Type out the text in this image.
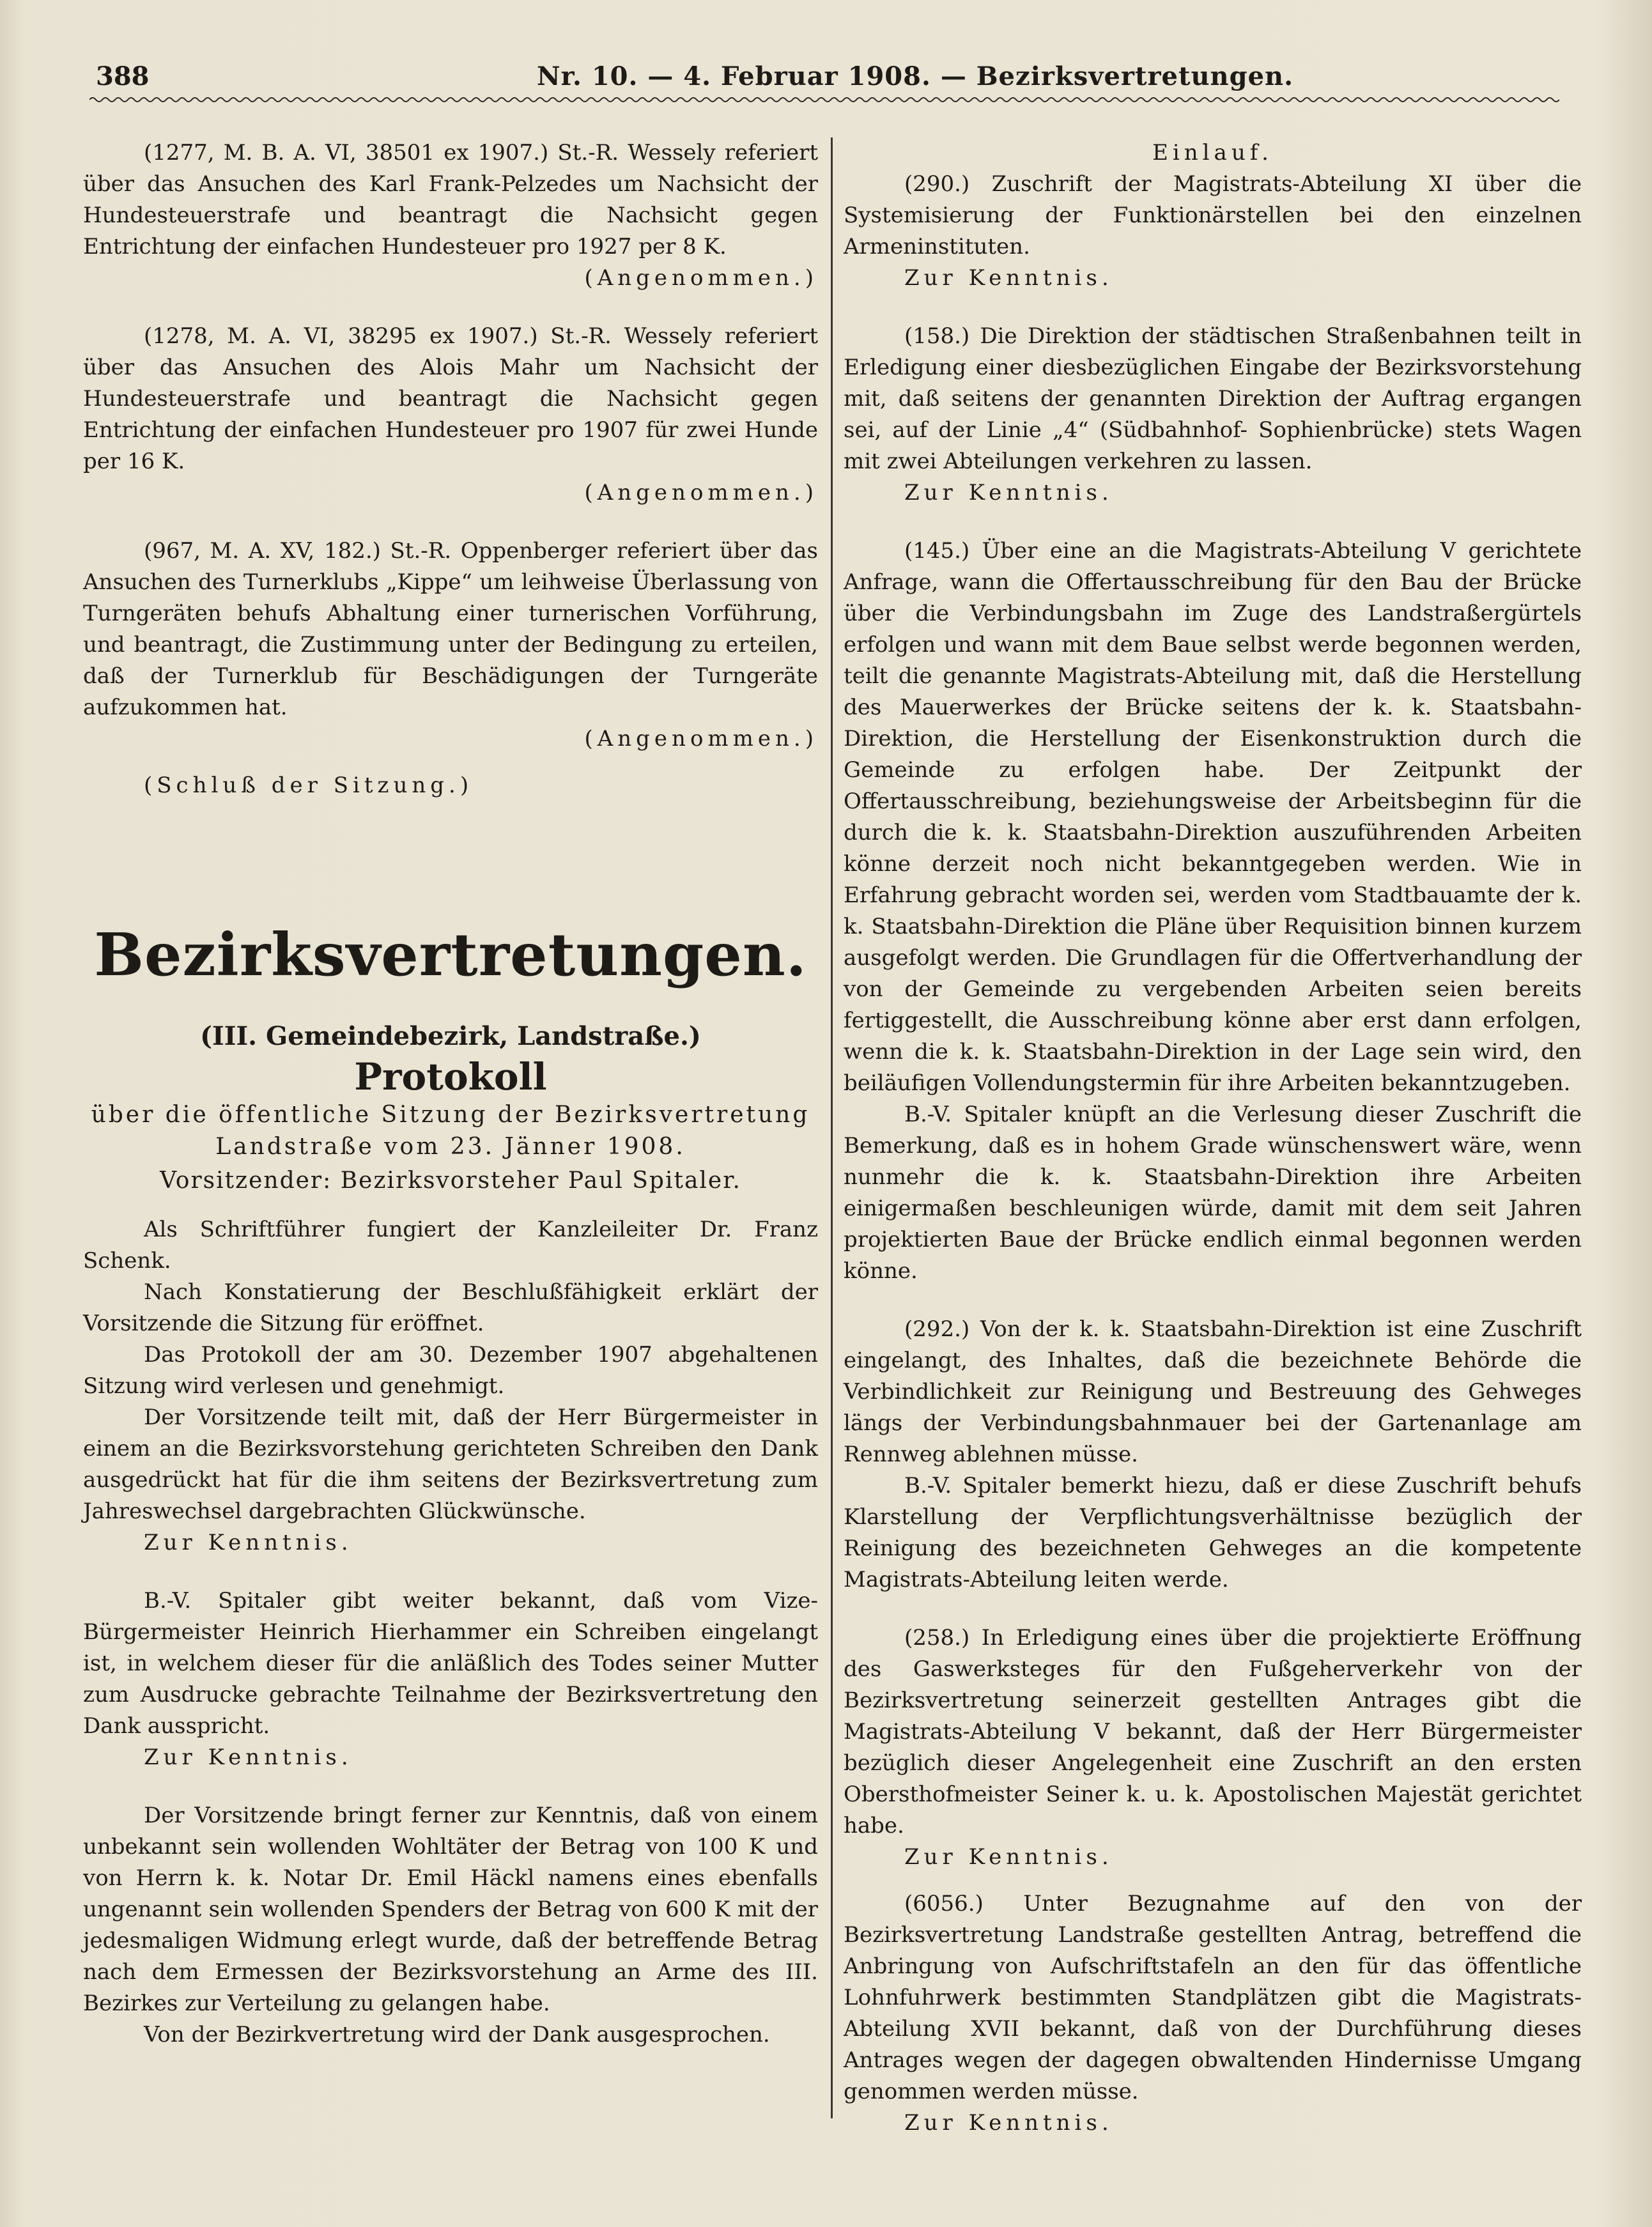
388	Nr. 10. — 4. Februar 1908. — Bezirksvertretungen.

(1277, M. B. A. VI, 38501 ex 1907.) St.-R. Wessely referiert über das Ansuchen des Karl Frank-Pelzedes um Nachsicht der Hundesteuerstrafe und beantragt die Nachsicht gegen Entrichtung der einfachen Hundesteuer pro 1927 per 8 K.

(Angenommen.)

(1278, M. A. VI, 38295 ex 1907.) St.-R. Wessely referiert über das Ansuchen des Alois Mahr um Nachsicht der Hundesteuerstrafe und beantragt die Nachsicht gegen Entrichtung der einfachen Hundesteuer pro 1907 für zwei Hunde per 16 K.

(Angenommen.)

(967, M. A. XV, 182.) St.-R. Oppenberger referiert über das Ansuchen des Turnerklubs „Kippe“ um leihweise Überlassung von Turngeräten behufs Abhaltung einer turnerischen Vorführung, und beantragt, die Zustimmung unter der Bedingung zu erteilen, daß der Turnerklub für Beschädigungen der Turngeräte aufzukommen hat.

(Angenommen.)

(Schluß der Sitzung.)

Bezirksvertretungen.
(III. Gemeindebezirk, Landstraße.)
Protokoll
über die öffentliche Sitzung der Bezirksvertretung Landstraße vom 23. Jänner 1908.
Vorsitzender: Bezirksvorsteher Paul Spitaler.

Als Schriftführer fungiert der Kanzleileiter Dr. Franz Schenk.

Nach Konstatierung der Beschlußfähigkeit erklärt der Vorsitzende die Sitzung für eröffnet.

Das Protokoll der am 30. Dezember 1907 abgehaltenen Sitzung wird verlesen und genehmigt.

Der Vorsitzende teilt mit, daß der Herr Bürgermeister in einem an die Bezirksvorstehung gerichteten Schreiben den Dank ausgedrückt hat für die ihm seitens der Bezirksvertretung zum Jahreswechsel dargebrachten Glückwünsche.

Zur Kenntnis.

B.-V. Spitaler gibt weiter bekannt, daß vom Vize-Bürgermeister Heinrich Hierhammer ein Schreiben eingelangt ist, in welchem dieser für die anläßlich des Todes seiner Mutter zum Ausdrucke gebrachte Teilnahme der Bezirksvertretung den Dank ausspricht.

Zur Kenntnis.

Der Vorsitzende bringt ferner zur Kenntnis, daß von einem unbekannt sein wollenden Wohltäter der Betrag von 100 K und von Herrn k. k. Notar Dr. Emil Häckl namens eines ebenfalls ungenannt sein wollenden Spenders der Betrag von 600 K mit der jedesmaligen Widmung erlegt wurde, daß der betreffende Betrag nach dem Ermessen der Bezirksvorstehung an Arme des III. Bezirkes zur Verteilung zu gelangen habe.

Von der Bezirkvertretung wird der Dank ausgesprochen.

Einlauf.

(290.) Zuschrift der Magistrats-Abteilung XI über die Systemisierung der Funktionärstellen bei den einzelnen Armeninstituten.

Zur Kenntnis.

(158.) Die Direktion der städtischen Straßenbahnen teilt in Erledigung einer diesbezüglichen Eingabe der Bezirksvorstehung mit, daß seitens der genannten Direktion der Auftrag ergangen sei, auf der Linie „4“ (Südbahnhof- Sophienbrücke) stets Wagen mit zwei Abteilungen verkehren zu lassen.

Zur Kenntnis.

(145.) Über eine an die Magistrats-Abteilung V gerichtete Anfrage, wann die Offertausschreibung für den Bau der Brücke über die Verbindungsbahn im Zuge des Landstraßergürtels erfolgen und wann mit dem Baue selbst werde begonnen werden, teilt die genannte Magistrats-Abteilung mit, daß die Herstellung des Mauerwerkes der Brücke seitens der k. k. Staatsbahn-Direktion, die Herstellung der Eisenkonstruktion durch die Gemeinde zu erfolgen habe. Der Zeitpunkt der Offertausschreibung, beziehungsweise der Arbeitsbeginn für die durch die k. k. Staatsbahn-Direktion auszuführenden Arbeiten könne derzeit noch nicht bekanntgegeben werden. Wie in Erfahrung gebracht worden sei, werden vom Stadtbauamte der k. k. Staatsbahn-Direktion die Pläne über Requisition binnen kurzem ausgefolgt werden. Die Grundlagen für die Offertverhandlung der von der Gemeinde zu vergebenden Arbeiten seien bereits fertiggestellt, die Ausschreibung könne aber erst dann erfolgen, wenn die k. k. Staatsbahn-Direktion in der Lage sein wird, den beiläufigen Vollendungstermin für ihre Arbeiten bekanntzugeben.

B.-V. Spitaler knüpft an die Verlesung dieser Zuschrift die Bemerkung, daß es in hohem Grade wünschenswert wäre, wenn nunmehr die k. k. Staatsbahn-Direktion ihre Arbeiten einigermaßen beschleunigen würde, damit mit dem seit Jahren projektierten Baue der Brücke endlich einmal begonnen werden könne.

(292.) Von der k. k. Staatsbahn-Direktion ist eine Zuschrift eingelangt, des Inhaltes, daß die bezeichnete Behörde die Verbindlichkeit zur Reinigung und Bestreuung des Gehweges längs der Verbindungsbahnmauer bei der Gartenanlage am Rennweg ablehnen müsse.

B.-V. Spitaler bemerkt hiezu, daß er diese Zuschrift behufs Klarstellung der Verpflichtungsverhältnisse bezüglich der Reinigung des bezeichneten Gehweges an die kompetente Magistrats-Abteilung leiten werde.

(258.) In Erledigung eines über die projektierte Eröffnung des Gaswerksteges für den Fußgeherverkehr von der Bezirksvertretung seinerzeit gestellten Antrages gibt die Magistrats-Abteilung V bekannt, daß der Herr Bürgermeister bezüglich dieser Angelegenheit eine Zuschrift an den ersten Obersthofmeister Seiner k. u. k. Apostolischen Majestät gerichtet habe.

Zur Kenntnis.

(6056.) Unter Bezugnahme auf den von der Bezirksvertretung Landstraße gestellten Antrag, betreffend die Anbringung von Aufschriftstafeln an den für das öffentliche Lohnfuhrwerk bestimmten Standplätzen gibt die Magistrats-Abteilung XVII bekannt, daß von der Durchführung dieses Antrages wegen der dagegen obwaltenden Hindernisse Umgang genommen werden müsse.

Zur Kenntnis.
